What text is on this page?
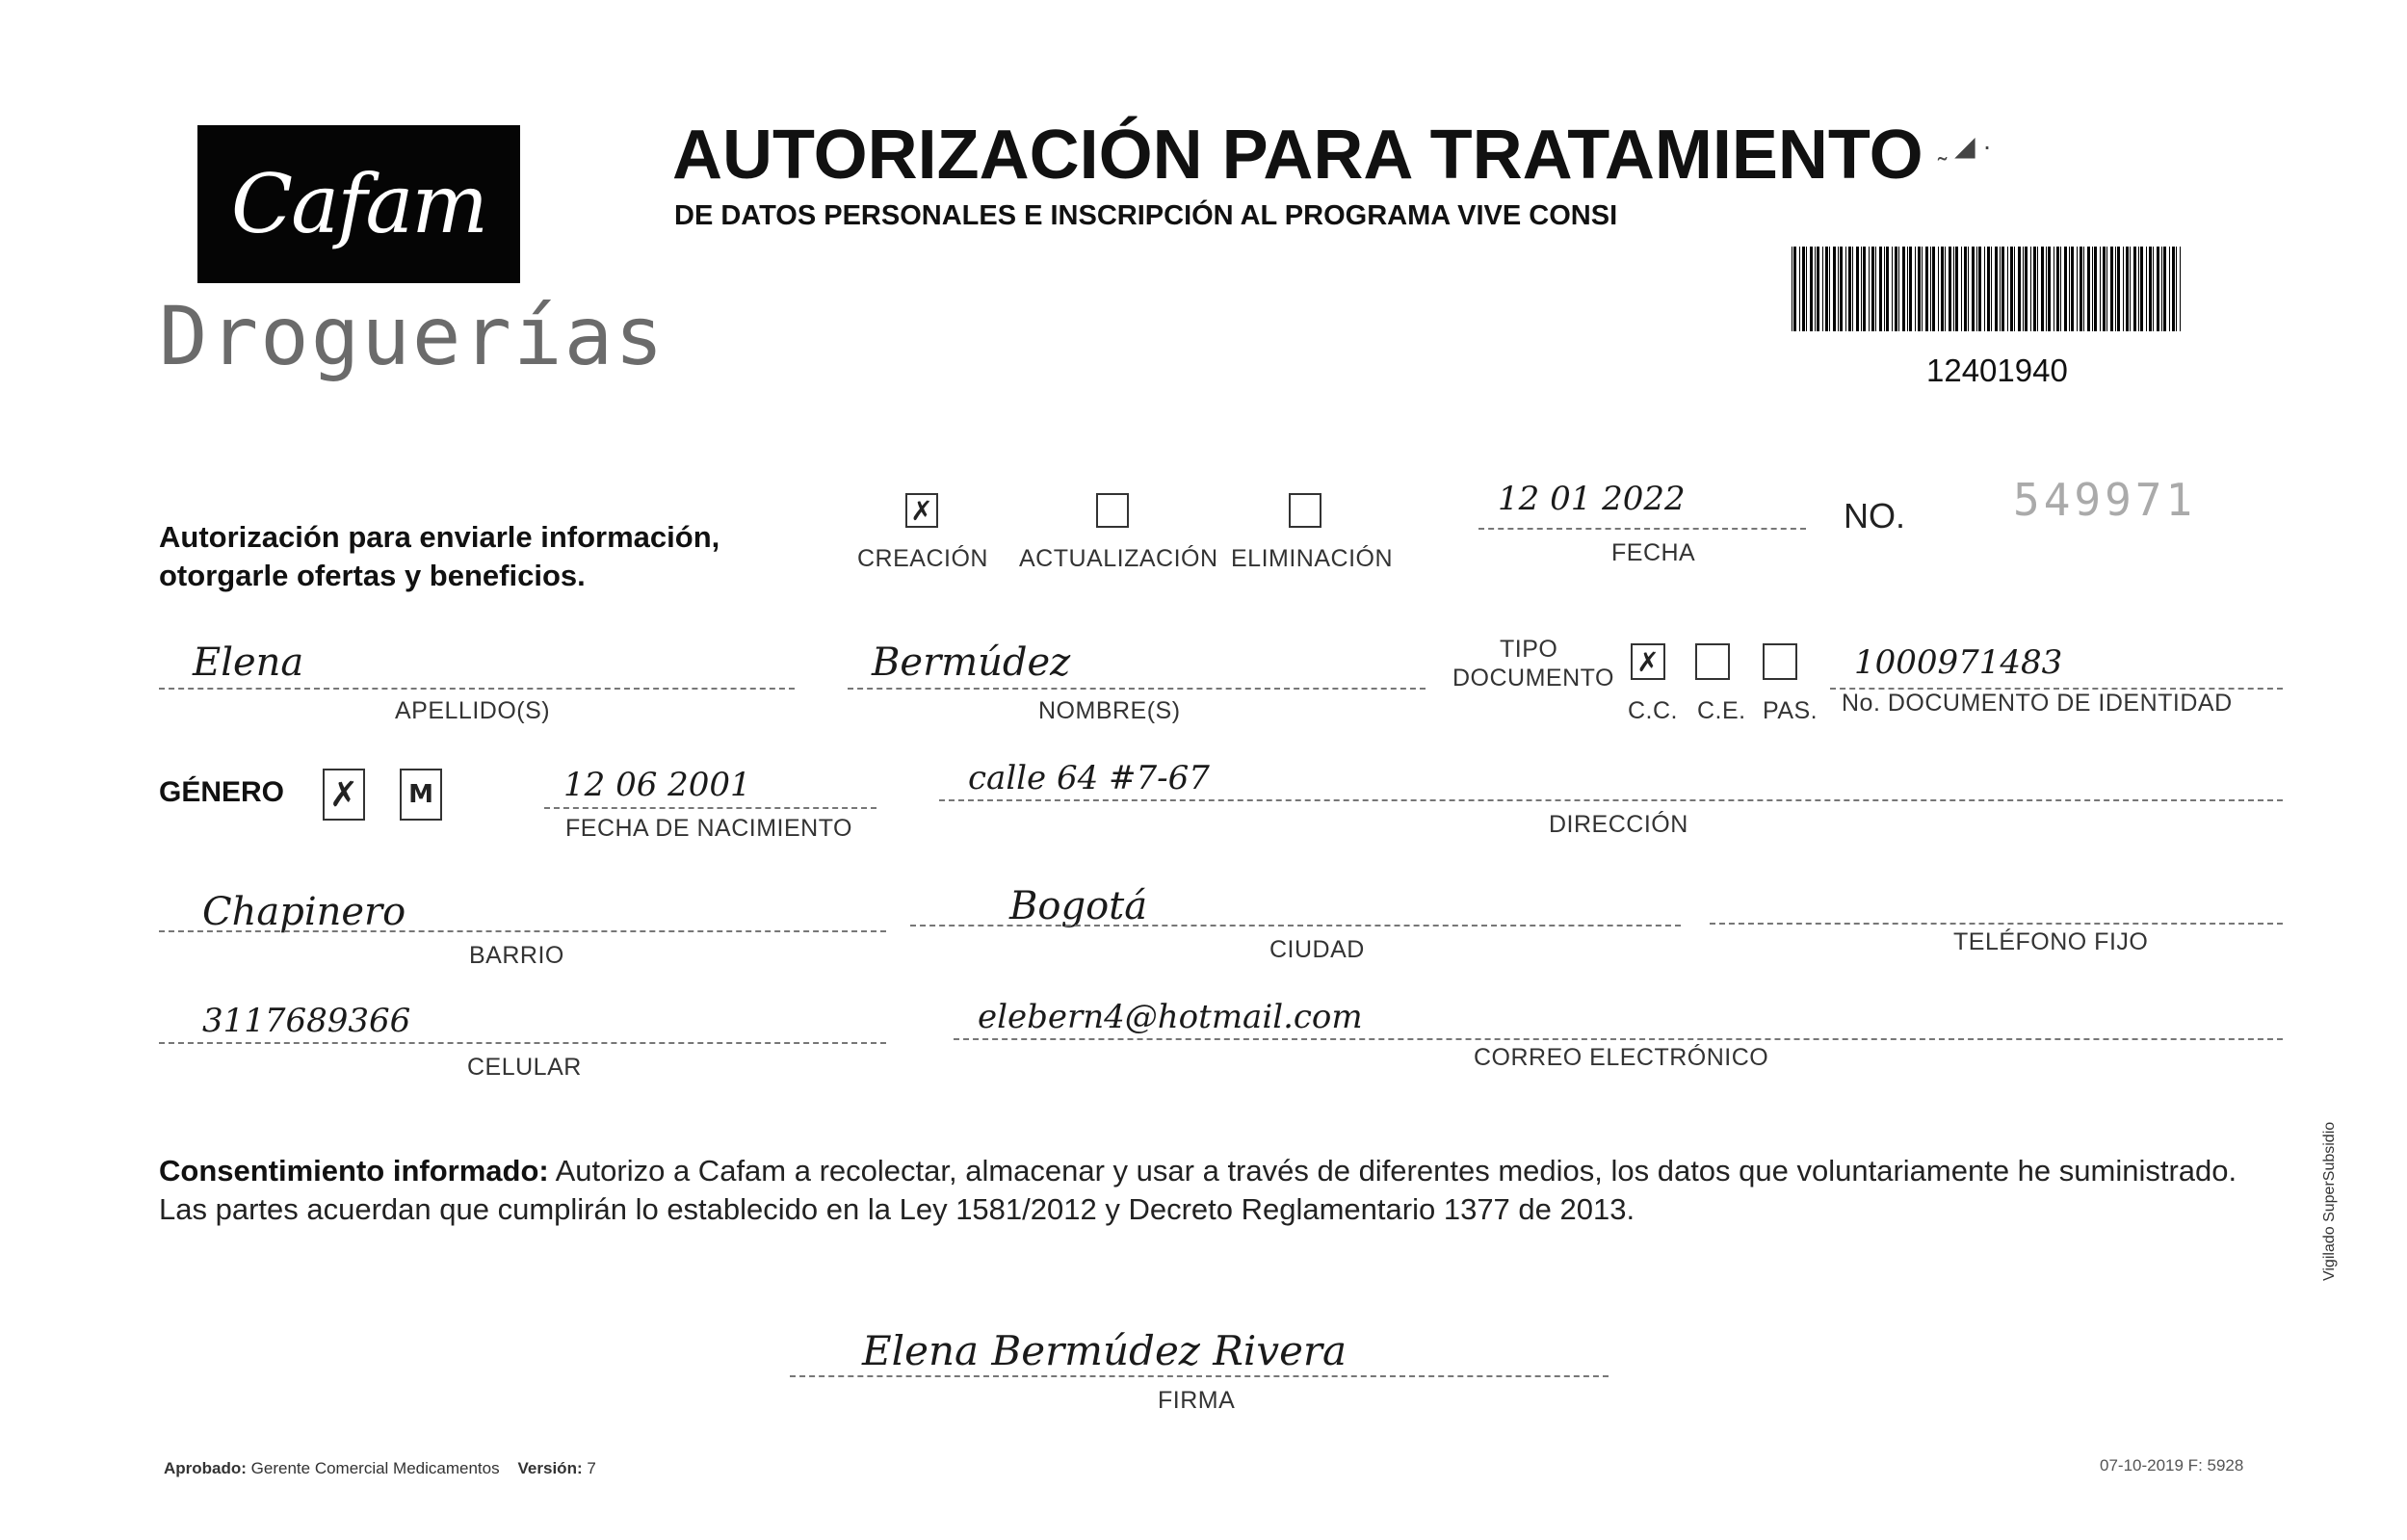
Cafam
Droguerías
AUTORIZACIÓN PARA TRATAMIENTO
DE DATOS PERSONALES E INSCRIPCIÓN AL PROGRAMA VIVE CONSI
˷ ◢ ·
12401940
Autorización para enviarle información,
otorgarle ofertas y beneficios.
✗
CREACIÓN ACTUALIZACIÓN ELIMINACIÓN
12 01 2022
FECHA
NO. 549971
Elena
APELLIDO(S)
Bermúdez
NOMBRE(S)
TIPO
DOCUMENTO
✗
C.C. C.E. PAS.
1000971483
No. DOCUMENTO DE IDENTIDAD
GÉNERO ✗	M	12 06 2001
FECHA DE NACIMIENTO
calle 64 #7-67
DIRECCIÓN
Chapinero
BARRIO
Bogotá
CIUDAD	TELÉFONO FIJO
3117689366
CELULAR
elebern4@hotmail.com
CORREO ELECTRÓNICO
Consentimiento informado: Autorizo a Cafam a recolectar, almacenar y usar a través de diferentes medios, los datos que voluntariamente he suministrado. Las partes acuerdan que cumplirán lo establecido en la Ley 1581/2012 y Decreto Reglamentario 1377 de 2013.
Elena Bermúdez Rivera
FIRMA
Aprobado: Gerente Comercial Medicamentos Versión: 7	07-10-2019 F: 5928
Vigilado SuperSubsidio
